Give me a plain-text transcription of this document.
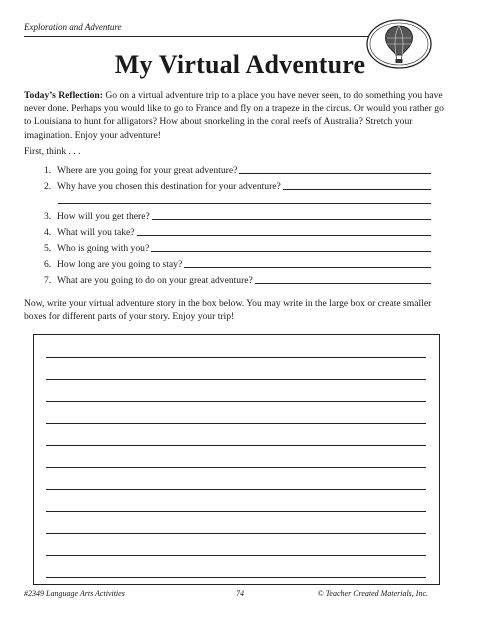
Exploration and Adventure
My Virtual Adventure
Today’s Reflection: Go on a virtual adventure trip to a place you have never seen, to do something you have never done. Perhaps you would like to go to France and fly on a trapeze in the circus. Or would you rather go to Louisiana to hunt for alligators? How about snorkeling in the coral reefs of Australia? Stretch your imagination. Enjoy your adventure!
First, think . . .
1. Where are you going for your great adventure?
2. Why have you chosen this destination for your adventure?
3. How will you get there?
4. What will you take?
5. Who is going with you?
6. How long are you going to stay?
7. What are you going to do on your great adventure?
Now, write your virtual adventure story in the box below. You may write in the large box or create smaller boxes for different parts of your story. Enjoy your trip!
#2349 Language Arts Activities	74	© Teacher Created Materials, Inc.
